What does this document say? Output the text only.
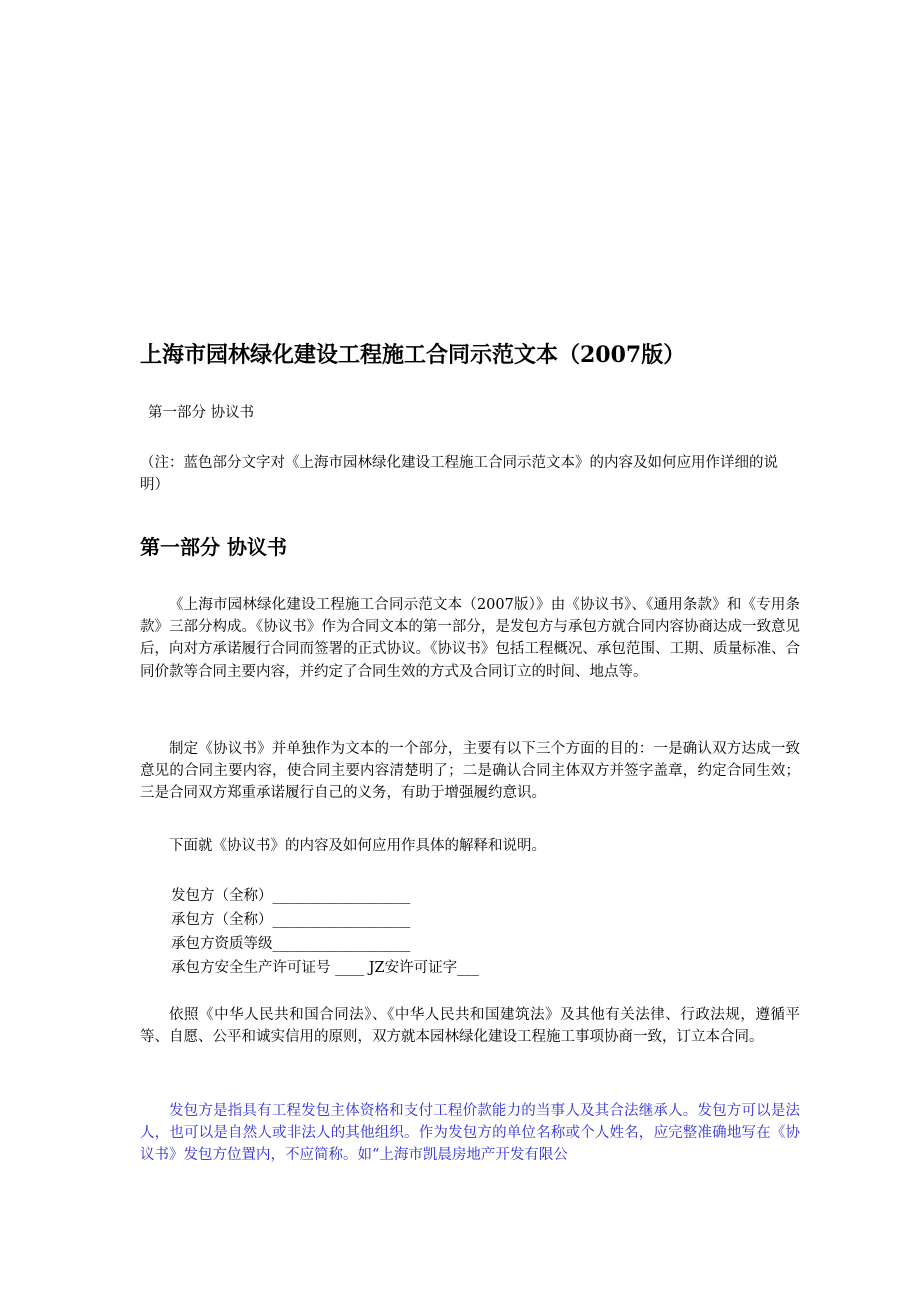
上海市园林绿化建设工程施工合同示范文本（2007版）
第一部分 协议书
（注：蓝色部分文字对《上海市园林绿化建设工程施工合同示范文本》的内容及如何应用作详细的说明）
第一部分 协议书
《上海市园林绿化建设工程施工合同示范文本（2007版）》由《协议书》、《通用条款》和《专用条款》三部分构成。《协议书》作为合同文本的第一部分，是发包方与承包方就合同内容协商达成一致意见后，向对方承诺履行合同而签署的正式协议。《协议书》包括工程概况、承包范围、工期、质量标准、合同价款等合同主要内容，并约定了合同生效的方式及合同订立的时间、地点等。
制定《协议书》并单独作为文本的一个部分，主要有以下三个方面的目的：一是确认双方达成一致意见的合同主要内容，使合同主要内容清楚明了；二是确认合同主体双方并签字盖章，约定合同生效；三是合同双方郑重承诺履行自己的义务，有助于增强履约意识。
下面就《协议书》的内容及如何应用作具体的解释和说明。
发包方（全称）___________________
承包方（全称）___________________
承包方资质等级___________________
承包方安全生产许可证号 ____ JZ安许可证字___
依照《中华人民共和国合同法》、《中华人民共和国建筑法》及其他有关法律、行政法规，遵循平等、自愿、公平和诚实信用的原则，双方就本园林绿化建设工程施工事项协商一致，订立本合同。
发包方是指具有工程发包主体资格和支付工程价款能力的当事人及其合法继承人。发包方可以是法人，也可以是自然人或非法人的其他组织。作为发包方的单位名称或个人姓名，应完整准确地写在《协议书》发包方位置内，不应简称。如“上海市凯晨房地产开发有限公
